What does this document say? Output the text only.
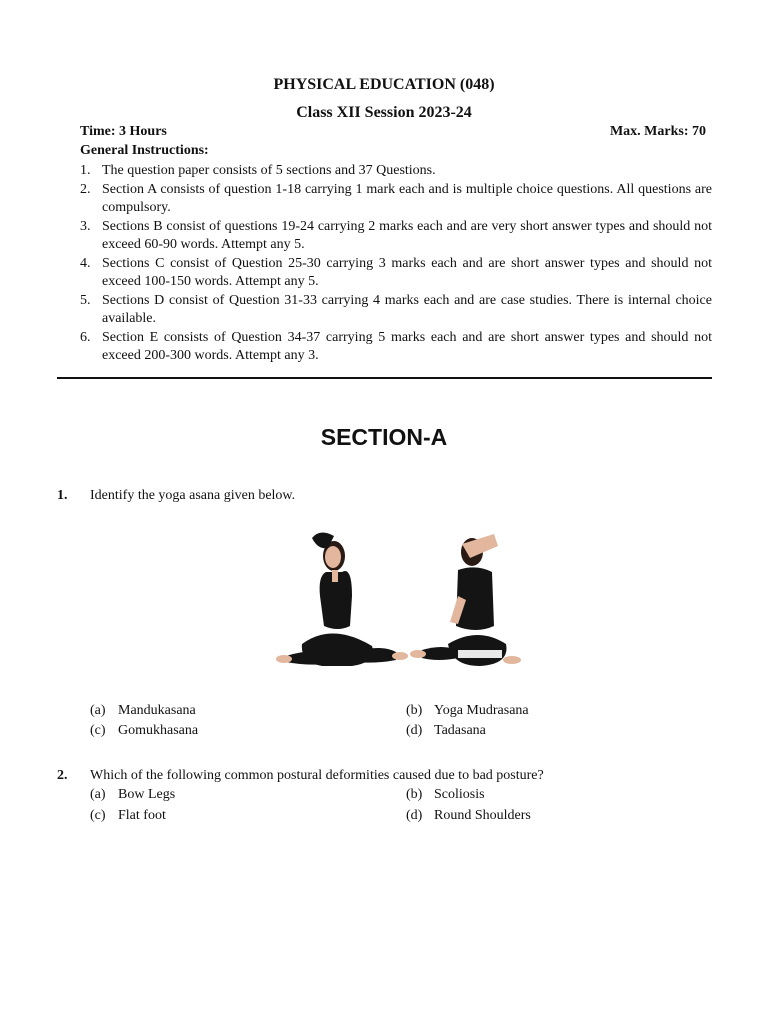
PHYSICAL EDUCATION (048)
Class XII Session 2023-24
Time: 3 Hours	Max. Marks: 70
General Instructions:
1. The question paper consists of 5 sections and 37 Questions.
2. Section A consists of question 1-18 carrying 1 mark each and is multiple choice questions. All questions are compulsory.
3. Sections B consist of questions 19-24 carrying 2 marks each and are very short answer types and should not exceed 60-90 words. Attempt any 5.
4. Sections C consist of Question 25-30 carrying 3 marks each and are short answer types and should not exceed 100-150 words. Attempt any 5.
5. Sections D consist of Question 31-33 carrying 4 marks each and are case studies. There is internal choice available.
6. Section E consists of Question 34-37 carrying 5 marks each and are short answer types and should not exceed 200-300 words. Attempt any 3.
SECTION-A
1. Identify the yoga asana given below.
(a) Mandukasana	(b) Yoga Mudrasana
(c) Gomukhasana	(d) Tadasana
2. Which of the following common postural deformities caused due to bad posture?
(a) Bow Legs	(b) Scoliosis
(c) Flat foot	(d) Round Shoulders
